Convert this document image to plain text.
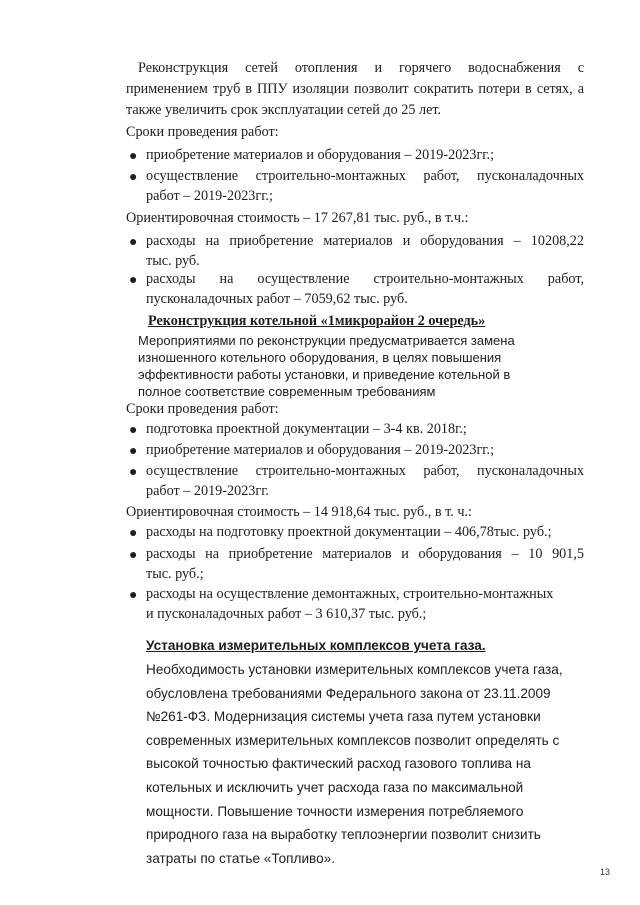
Реконструкция сетей отопления и горячего водоснабжения с
применением труб в ППУ изоляции позволит сократить потери в сетях, а
также увеличить срок эксплуатации сетей до 25 лет.
Сроки проведения работ:
● приобретение материалов и оборудования – 2019-2023гг.;
● осуществление строительно-монтажных работ, пусконаладочных
работ – 2019-2023гг.;
Ориентировочная стоимость – 17 267,81 тыс. руб., в т.ч.:
● расходы на приобретение материалов и оборудования – 10208,22
тыс. руб.
● расходы на осуществление строительно-монтажных работ,
пусконаладочных работ – 7059,62 тыс. руб.
Реконструкция котельной «1микрорайон 2 очередь»
Мероприятиями по реконструкции предусматривается замена
изношенного котельного оборудования, в целях повышения
эффективности работы установки, и приведение котельной в
полное соответствие современным требованиям
Сроки проведения работ:
● подготовка проектной документации – 3-4 кв. 2018г.;
● приобретение материалов и оборудования – 2019-2023гг.;
● осуществление строительно-монтажных работ, пусконаладочных
работ – 2019-2023гг.
Ориентировочная стоимость – 14 918,64 тыс. руб., в т. ч.:
● расходы на подготовку проектной документации – 406,78тыс. руб.;
● расходы на приобретение материалов и оборудования – 10 901,5
тыс. руб.;
● расходы на осуществление демонтажных, строительно-монтажных
и пусконаладочных работ – 3 610,37 тыс. руб.;
Установка измерительных комплексов учета газа.
Необходимость установки измерительных комплексов учета газа,
обусловлена требованиями Федерального закона от 23.11.2009
№261-ФЗ. Модернизация системы учета газа путем установки
современных измерительных комплексов позволит определять с
высокой точностью фактический расход газового топлива на
котельных и исключить учет расхода газа по максимальной
мощности. Повышение точности измерения потребляемого
природного газа на выработку теплоэнергии позволит снизить
затраты по статье «Топливо».
13
